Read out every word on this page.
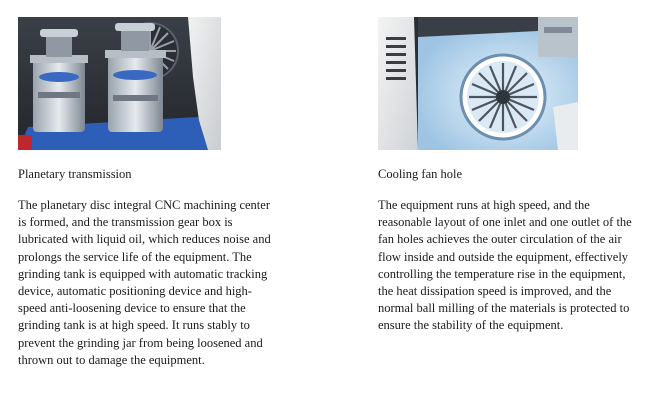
Planetary transmission

The planetary disc integral CNC machining center is formed, and the transmission gear box is lubricated with liquid oil, which reduces noise and prolongs the service life of the equipment. The grinding tank is equipped with automatic tracking device, automatic positioning device and high-speed anti-loosening device to ensure that the grinding tank is at high speed. It runs stably to prevent the grinding jar from being loosened and thrown out to damage the equipment.

Cooling fan hole

The equipment runs at high speed, and the reasonable layout of one inlet and one outlet of the fan holes achieves the outer circulation of the air flow inside and outside the equipment, effectively controlling the temperature rise in the equipment, the heat dissipation speed is improved, and the normal ball milling of the materials is protected to ensure the stability of the equipment.
